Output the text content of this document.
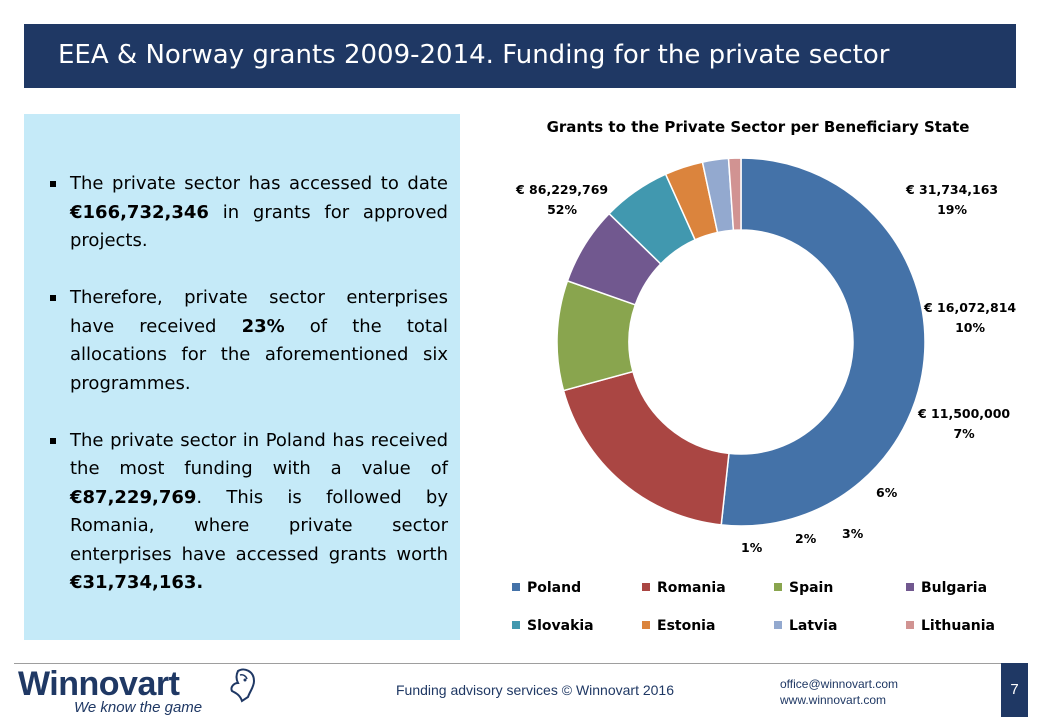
EEA & Norway grants 2009-2014. Funding for the private sector
The private sector has accessed to date €166,732,346 in grants for approved projects.
Therefore, private sector enterprises have received 23% of the total allocations for the aforementioned six programmes.
The private sector in Poland has received the most funding with a value of €87,229,769. This is followed by Romania, where private sector enterprises have accessed grants worth €31,734,163.
Grants to the Private Sector per Beneficiary State
€ 86,229,769
52%
€ 31,734,163
19%
€ 16,072,814
10%
€ 11,500,000
7%
6%
3%
2%
1%
Poland	Romania	Spain	Bulgaria
Slovakia	Estonia	Latvia	Lithuania
Winnovart
We know the game
Funding advisory services © Winnovart 2016	office@winnovart.com
www.winnovart.com
7
